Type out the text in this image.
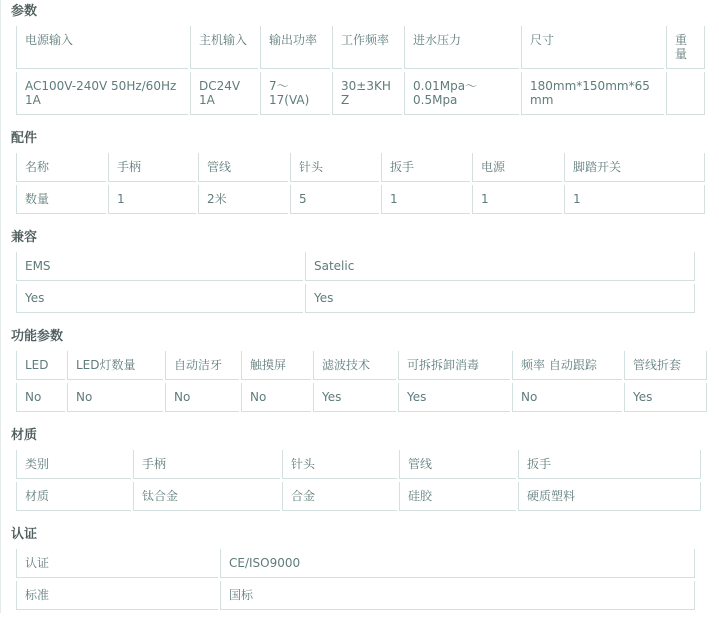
参数
电源输入	主机输入	输出功率	工作频率	进水压力	尺寸	重量
AC100V-240V 50Hz/60Hz 1A	DC24V 1A	7～17(VA)	30±3KHZ	0.01Mpa～0.5Mpa	180mm*150mm*65mm	
配件
名称	手柄	管线	针头	扳手	电源	脚踏开关
数量	1	2米	5	1	1	1
兼容
EMS	Satelic
Yes	Yes
功能参数
LED	LED灯数量	自动洁牙	触摸屏	滤波技术	可拆拆卸消毒	频率 自动跟踪	管线折套
No	No	No	No	Yes	Yes	No	Yes
材质
类别	手柄	针头	管线	扳手
材质	钛合金	合金	硅胶	硬质塑料
认证
认证	CE/ISO9000
标准	国标
